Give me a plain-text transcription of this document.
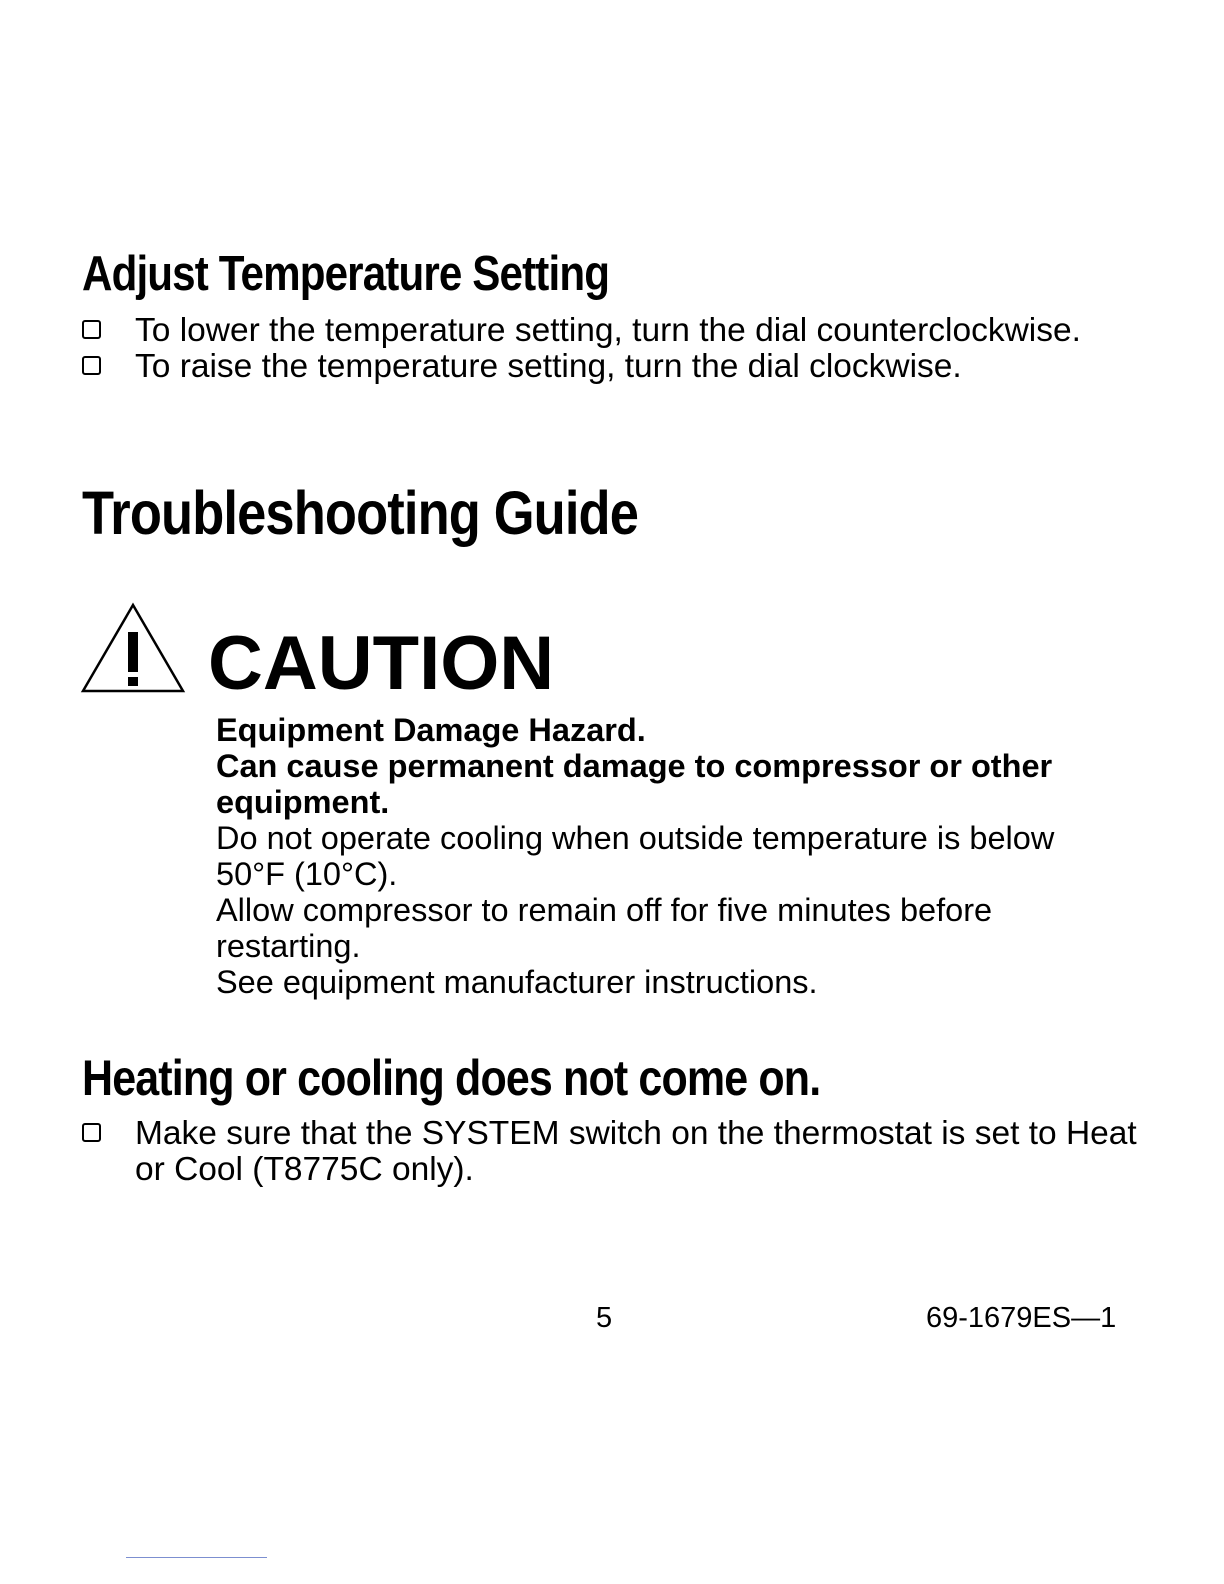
Adjust Temperature Setting
To lower the temperature setting, turn the dial counterclockwise.
To raise the temperature setting, turn the dial clockwise.
Troubleshooting Guide
CAUTION

Equipment Damage Hazard.

Can cause permanent damage to compressor or other equipment.

Do not operate cooling when outside temperature is below 50°F (10°C).

Allow compressor to remain off for five minutes before restarting.

See equipment manufacturer instructions.

Heating or cooling does not come on.
Make sure that the SYSTEM switch on the thermostat is set to Heat or Cool (T8775C only).
5	69-1679ES—1
